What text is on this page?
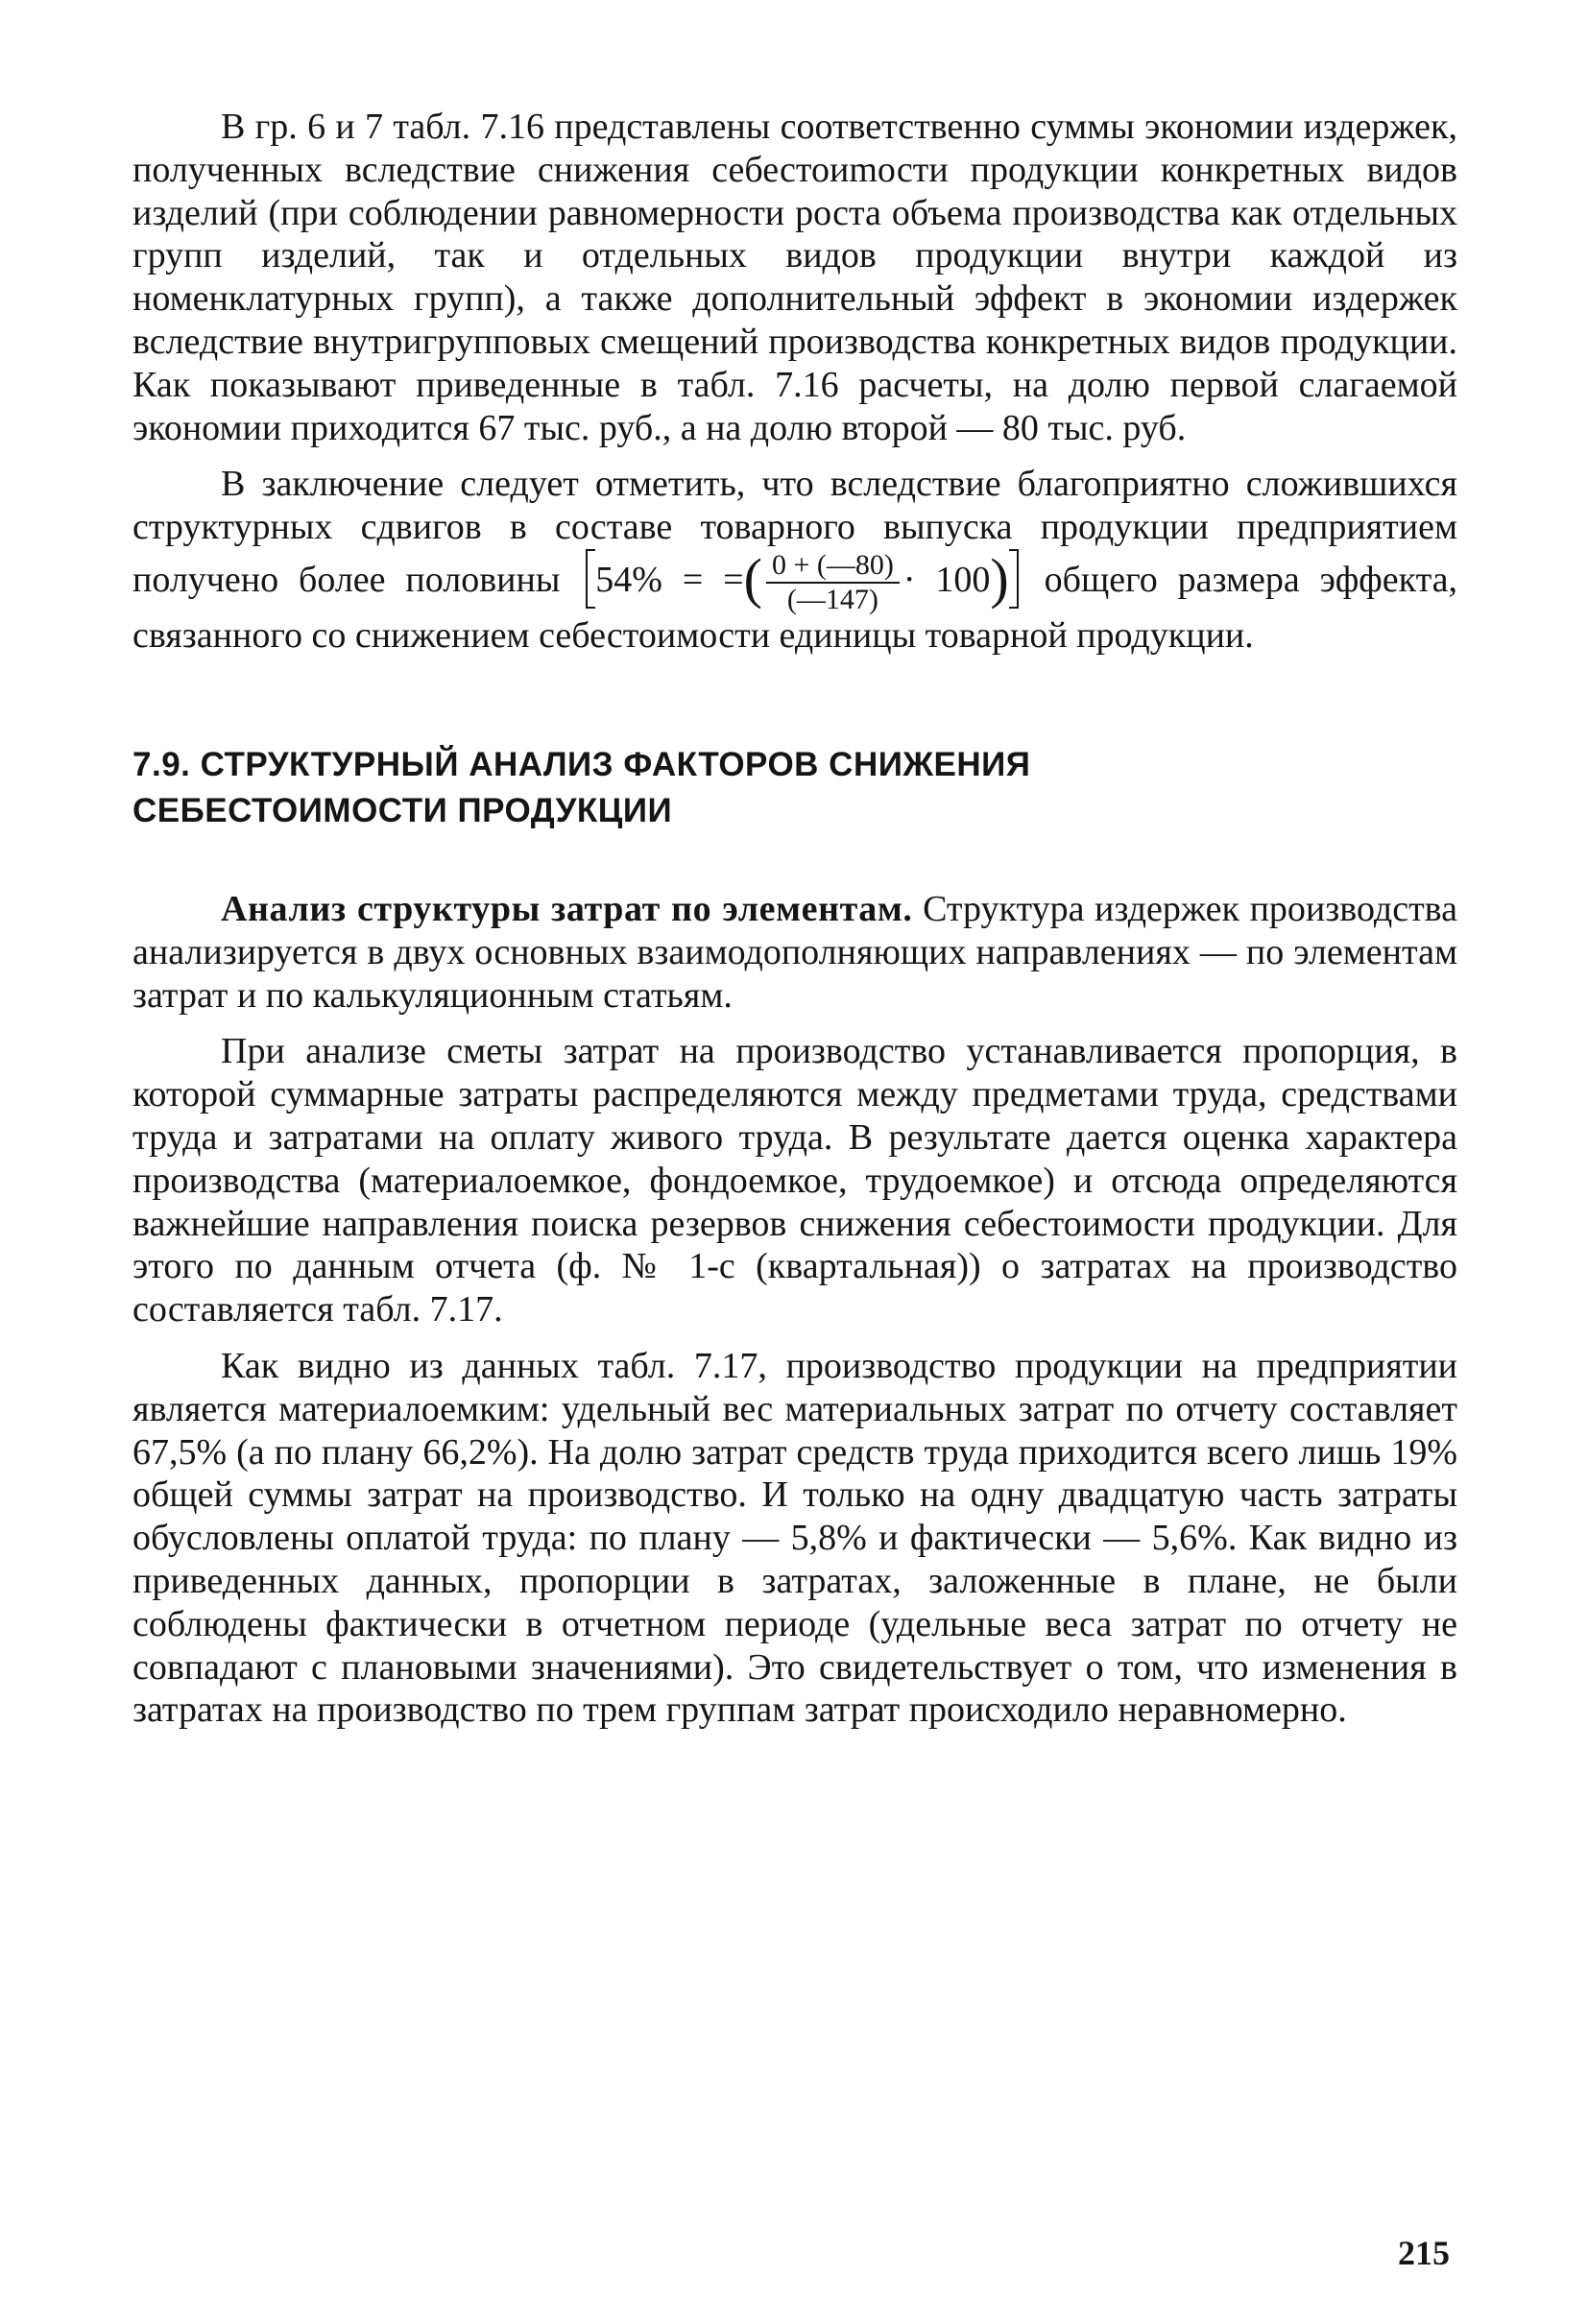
В гр. 6 и 7 табл. 7.16 представлены соответственно суммы экономии издержек, полученных вследствие снижения себестоиmости продукции конкретных видов изделий (при соблюдении равномерности роста объема производства как отдельных групп изделий, так и отдельных видов продукции внутри каждой из номенклатурных групп), а также дополнительный эффект в экономии издержек вследствие внутригрупповых смещений производства конкретных видов продукции. Как показывают приведенные в табл. 7.16 расчеты, на долю первой слагаемой экономии приходится 67 тыс. руб., а на долю второй — 80 тыс. руб.

В заключение следует отметить, что вследствие благоприятно сложившихся структурных сдвигов в составе товарного выпуска продукции предприятием получено более половины 54% = =( $\frac{0 + (—80)}{(—147)} \cdot 100$) общего размера эффекта, связанного со снижением себестоимости единицы товарной продукции.

7.9. СТРУКТУРНЫЙ АНАЛИЗ ФАКТОРОВ СНИЖЕНИЯ
СЕБЕСТОИМОСТИ ПРОДУКЦИИ

Анализ структуры затрат по элементам. Структура издержек производства анализируется в двух основных взаимодополняющих направлениях — по элементам затрат и по калькуляционным статьям.

При анализе сметы затрат на производство устанавливается пропорция, в которой суммарные затраты распределяются между предметами труда, средствами труда и затратами на оплату живого труда. В результате дается оценка характера производства (материалоемкое, фондоемкое, трудоемкое) и отсюда определяются важнейшие направления поиска резервов снижения себестоимости продукции. Для этого по данным отчета (ф. № 1-с (квартальная)) о затратах на производство составляется табл. 7.17.

Как видно из данных табл. 7.17, производство продукции на предприятии является материалоемким: удельный вес материальных затрат по отчету составляет 67,5% (а по плану 66,2%). На долю затрат средств труда приходится всего лишь 19% общей суммы затрат на производство. И только на одну двадцатую часть затраты обусловлены оплатой труда: по плану — 5,8% и фактически — 5,6%. Как видно из приведенных данных, пропорции в затратах, заложенные в плане, не были соблюдены фактически в отчетном периоде (удельные веса затрат по отчету не совпадают с плановыми значениями). Это свидетельствует о том, что изменения в затратах на производство по трем группам затрат происходило неравномерно.

215
